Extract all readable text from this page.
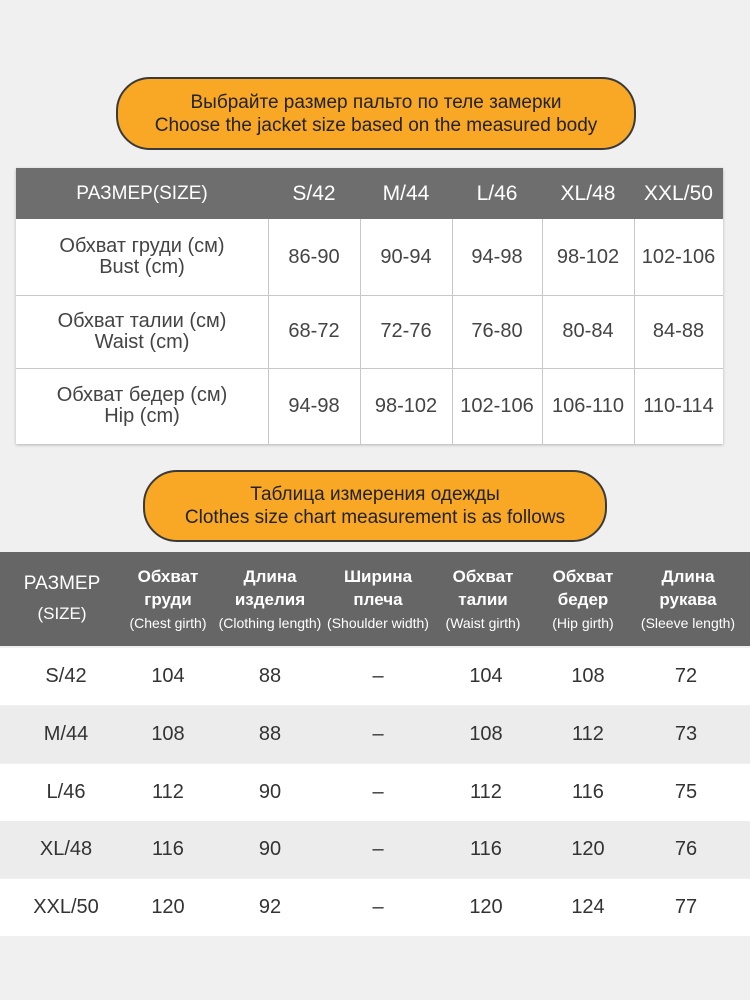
Выбрайте размер пальто по теле замерки
Choose the jacket size based on the measured body
РАЗМЕР(SIZE)	S/42	M/44	L/46	XL/48	XXL/50
Обхват груди (см)
Bust (cm)	86-90	90-94	94-98	98-102	102-106
Обхват талии (см)
Waist (cm)	68-72	72-76	76-80	80-84	84-88
Обхват бедер (см)
Hip (cm)	94-98	98-102	102-106 106-110 110-114
Таблица измерения одежды
Clothes size chart measurement is as follows
РАЗМЕР
(SIZE)
Обхват
груди
(Chest girth)
Длина
изделия
(Clothing length)
Ширина
плеча
(Shoulder width)
Обхват
талии
(Waist girth)
Обхват
бедер
(Hip girth)
Длина
рукава
(Sleeve length)
S/42	104	88	–	104	108	72
M/44	108	88	–	108	112	73
L/46	112	90	–	112	116	75
XL/48	116	90	–	116	120	76
XXL/50	120	92	–	120	124	77
